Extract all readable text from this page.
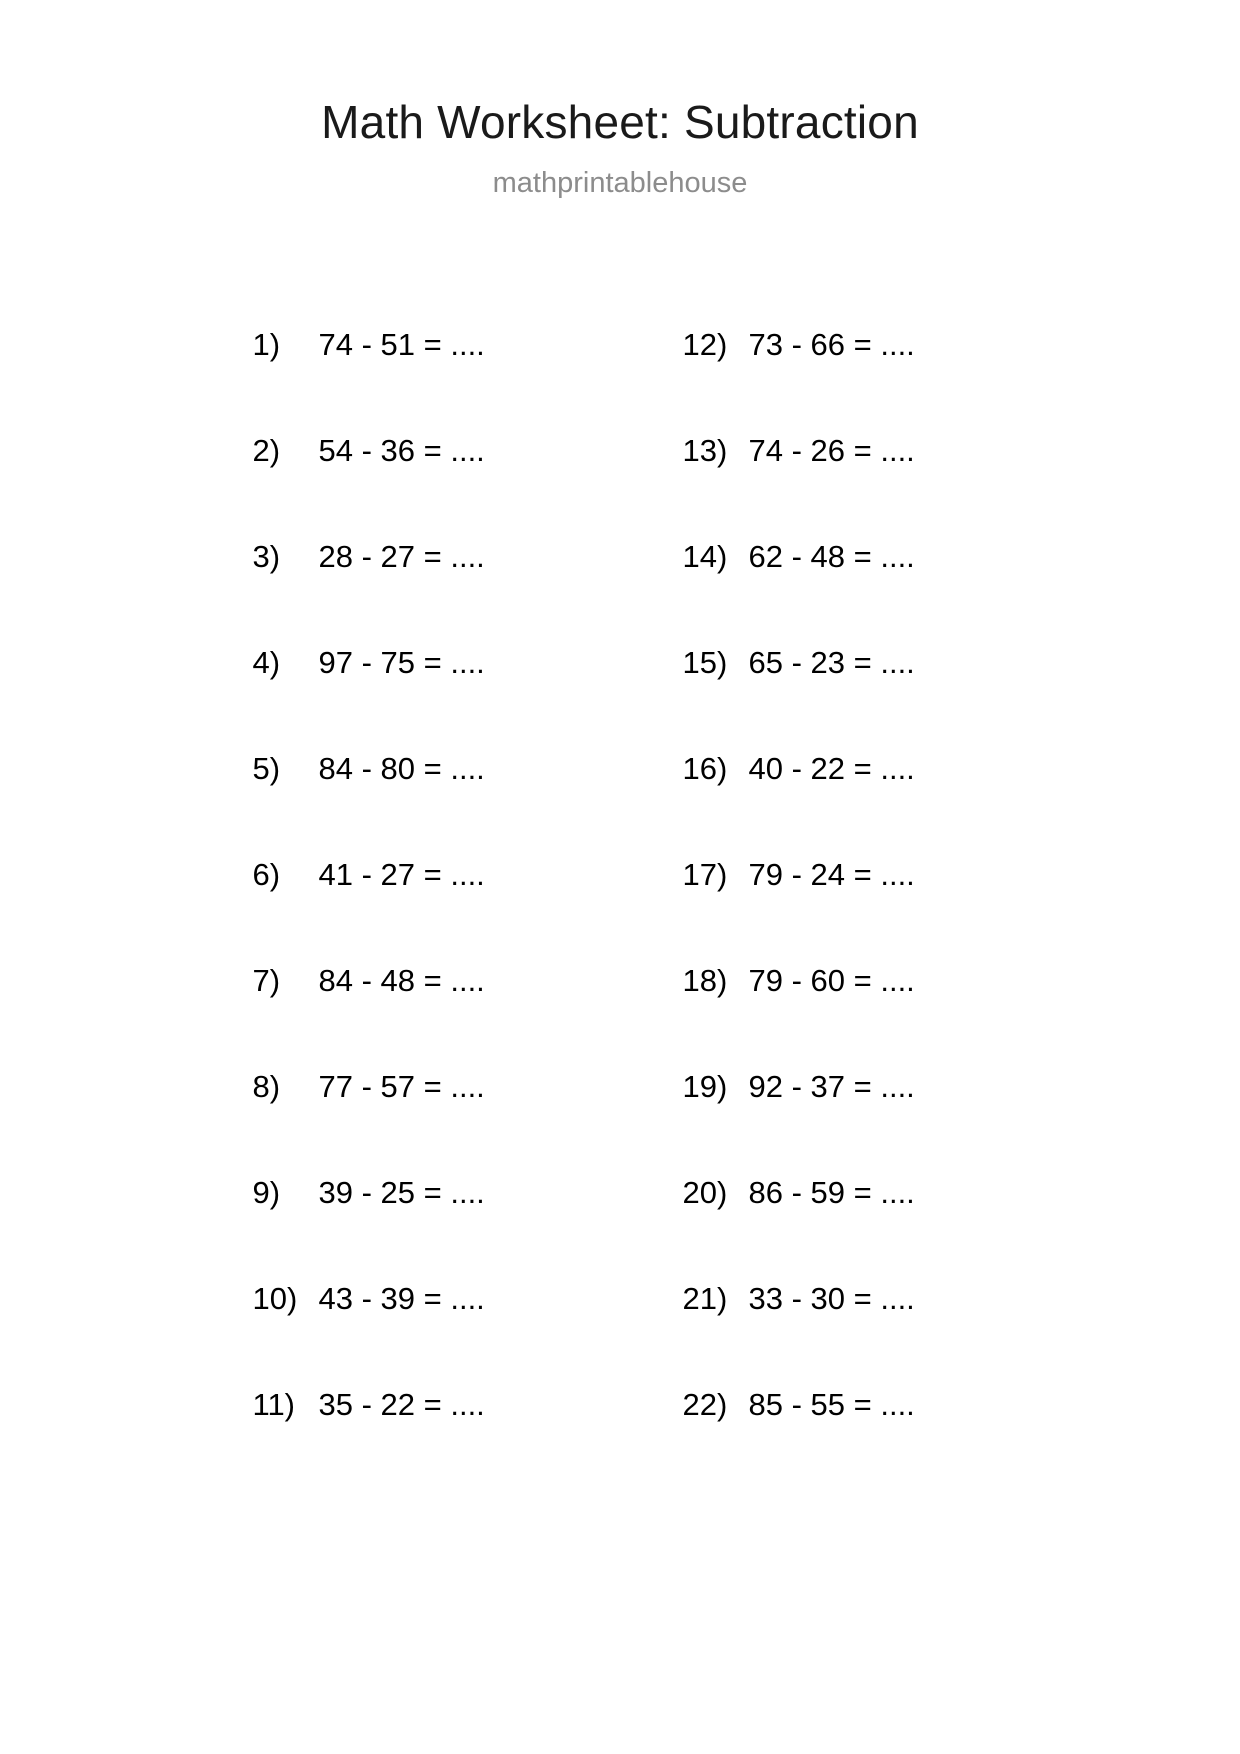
Math Worksheet: Subtraction
mathprintablehouse
1)	74 - 51 = ....
2)	54 - 36 = ....
3)	28 - 27 = ....
4)	97 - 75 = ....
5)	84 - 80 = ....
6)	41 - 27 = ....
7)	84 - 48 = ....
8)	77 - 57 = ....
9)	39 - 25 = ....
10) 43 - 39 = ....
11) 35 - 22 = ....
12) 73 - 66 = ....
13) 74 - 26 = ....
14) 62 - 48 = ....
15) 65 - 23 = ....
16) 40 - 22 = ....
17) 79 - 24 = ....
18) 79 - 60 = ....
19) 92 - 37 = ....
20) 86 - 59 = ....
21) 33 - 30 = ....
22) 85 - 55 = ....
